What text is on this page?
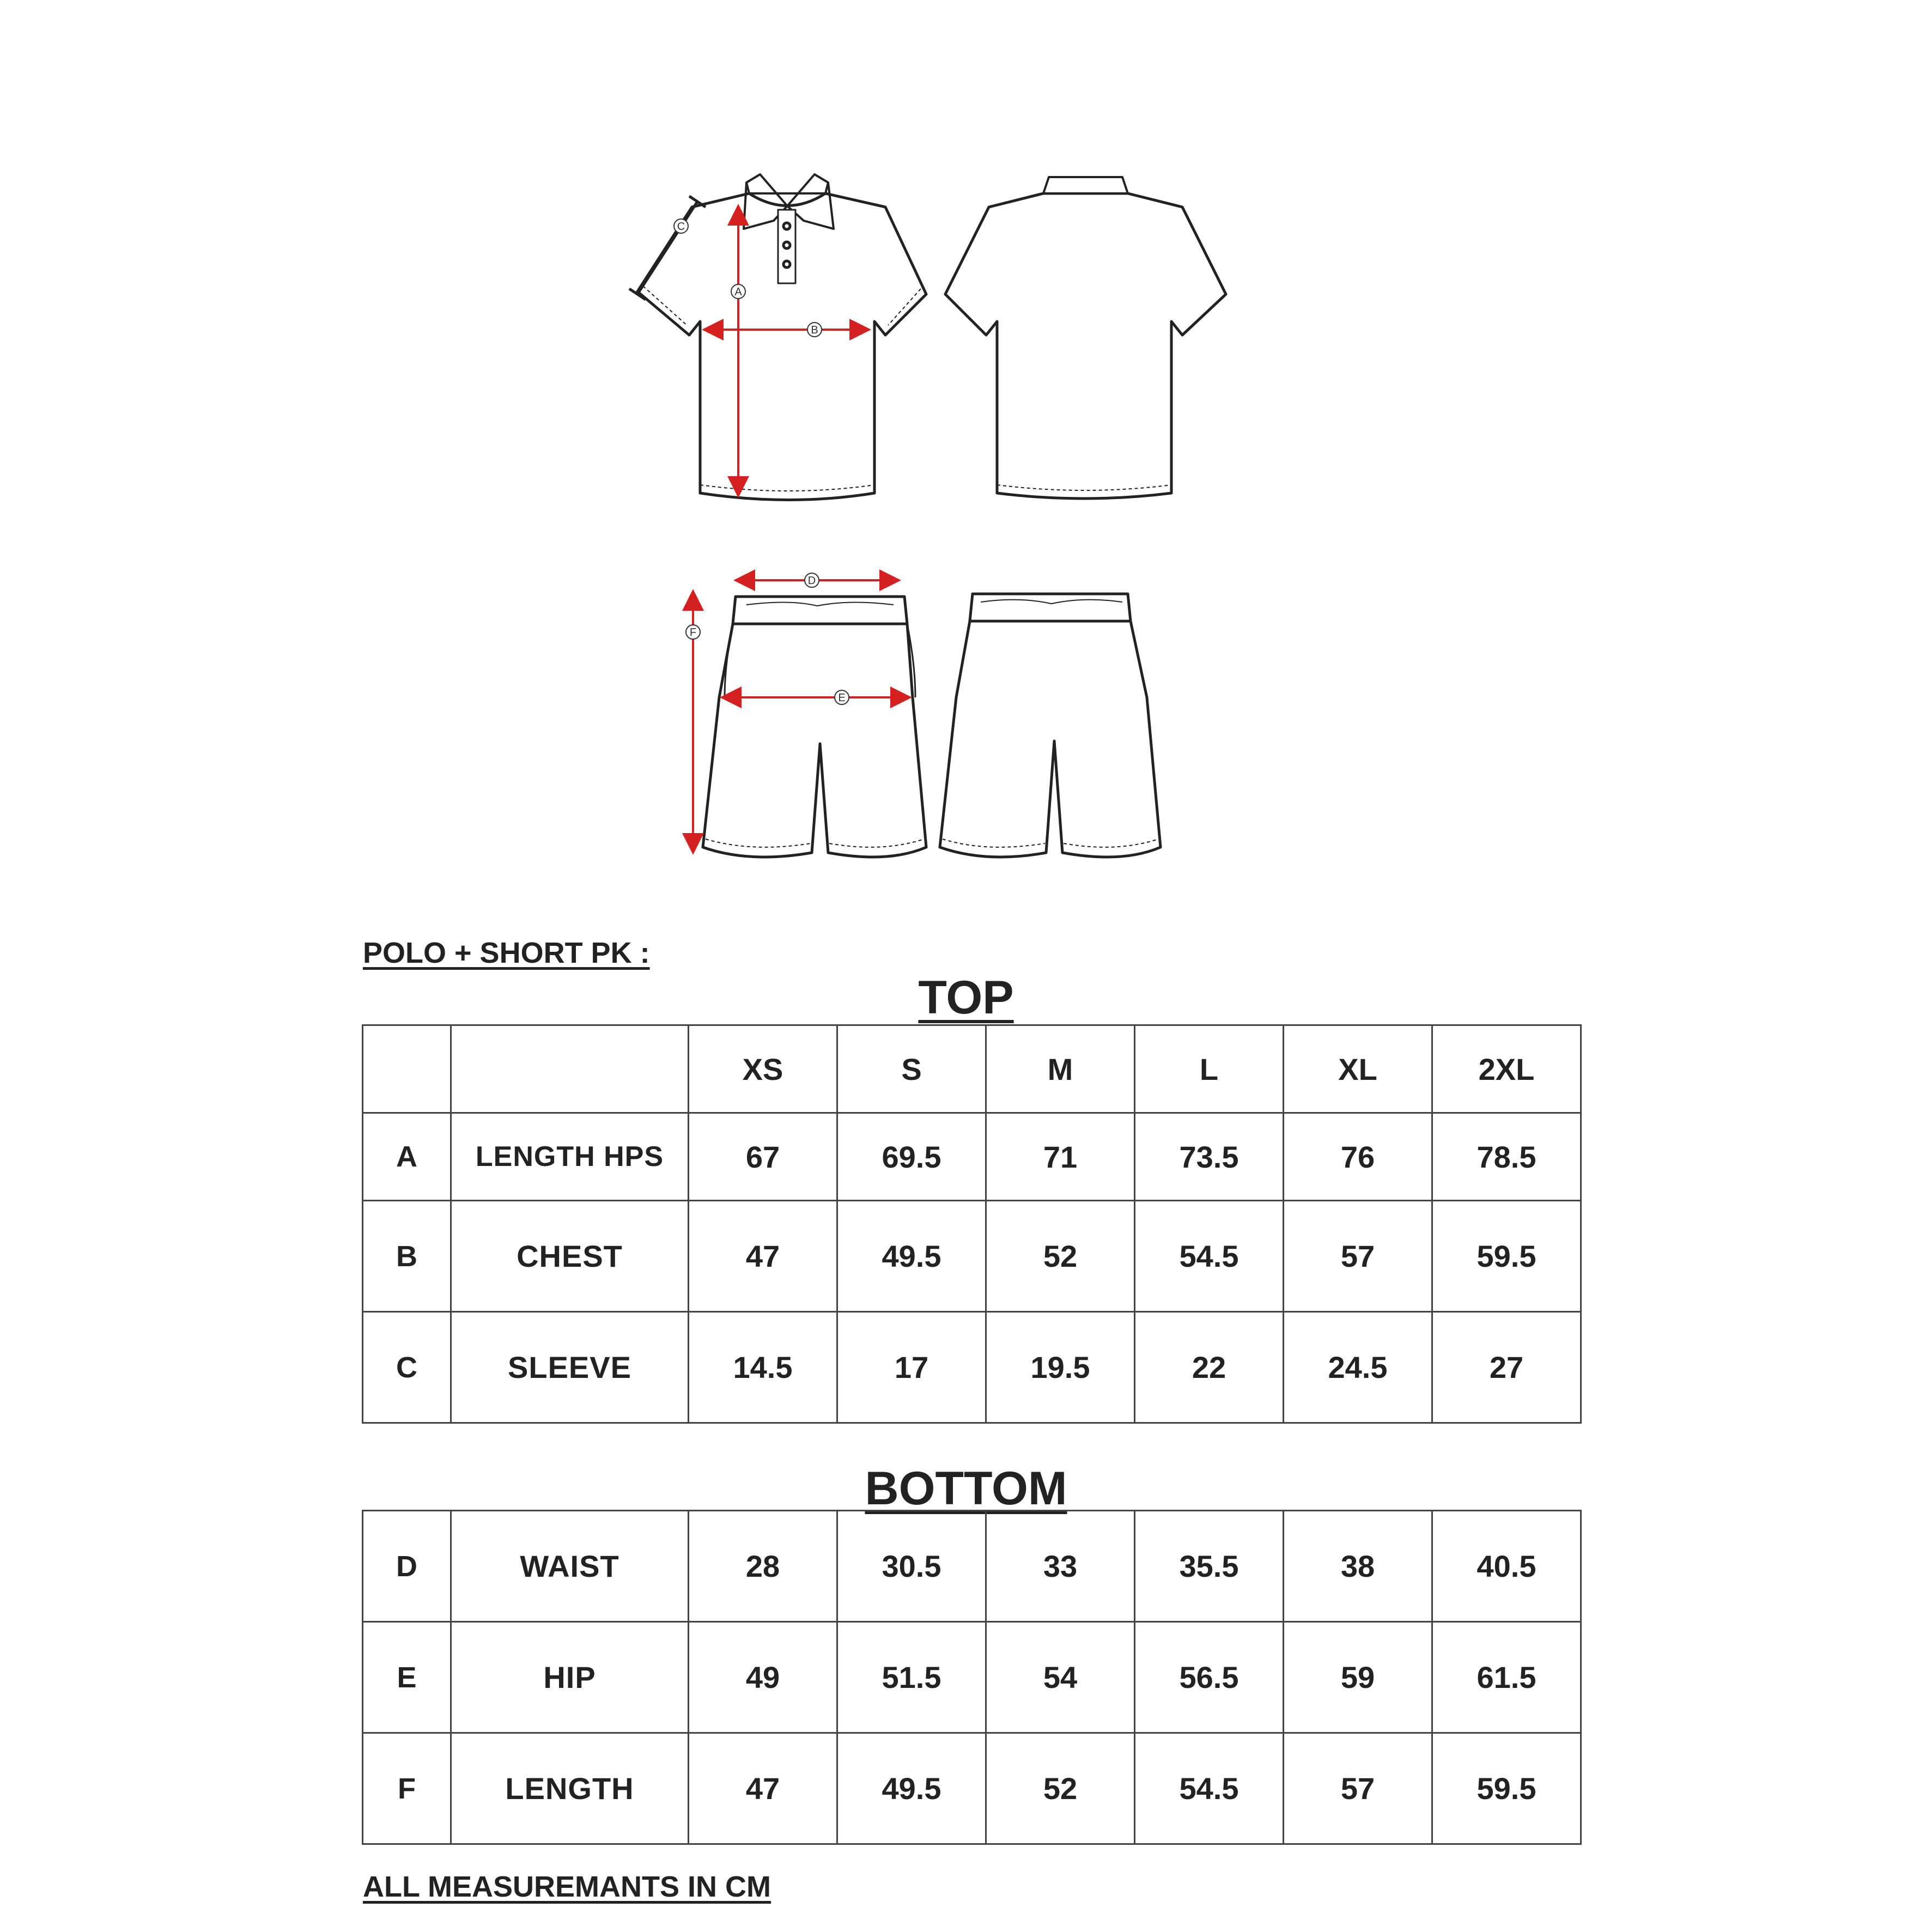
A
B
C
D
E
F
POLO + SHORT PK :
TOP
		XS	S	M	L	XL	2XL
A	LENGTH HPS	67	69.5	71	73.5	76	78.5
B	CHEST	47	49.5	52	54.5	57	59.5
C	SLEEVE	14.5	17	19.5	22	24.5	27
BOTTOM
D	WAIST	28	30.5	33	35.5	38	40.5
E	HIP	49	51.5	54	56.5	59	61.5
F	LENGTH	47	49.5	52	54.5	57	59.5
ALL MEASUREMANTS IN CM
